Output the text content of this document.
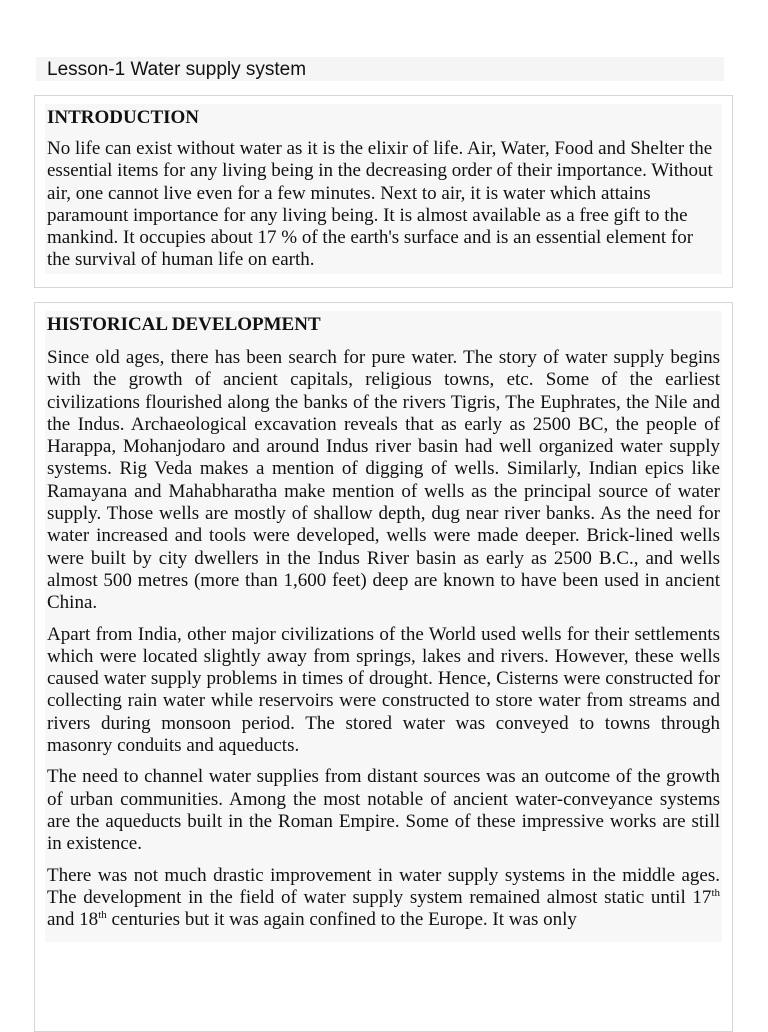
Lesson-1 Water supply system
INTRODUCTION

No life can exist without water as it is the elixir of life. Air, Water, Food and Shelter the essential items for any living being in the decreasing order of their importance. Without air, one cannot live even for a few minutes. Next to air, it is water which attains paramount importance for any living being. It is almost available as a free gift to the mankind. It occupies about 17 % of the earth's surface and is an essential element for the survival of human life on earth.

HISTORICAL DEVELOPMENT

Since old ages, there has been search for pure water. The story of water supply begins with the growth of ancient capitals, religious towns, etc. Some of the earliest civilizations flourished along the banks of the rivers Tigris, The Euphrates, the Nile and the Indus. Archaeological excavation reveals that as early as 2500 BC, the people of Harappa, Mohanjodaro and around Indus river basin had well organized water supply systems. Rig Veda makes a mention of digging of wells. Similarly, Indian epics like Ramayana and Mahabharatha make mention of wells as the principal source of water supply. Those wells are mostly of shallow depth, dug near river banks. As the need for water increased and tools were developed, wells were made deeper. Brick-lined wells were built by city dwellers in the Indus River basin as early as 2500 B.C., and wells almost 500 metres (more than 1,600 feet) deep are known to have been used in ancient China.

Apart from India, other major civilizations of the World used wells for their settlements which were located slightly away from springs, lakes and rivers. However, these wells caused water supply problems in times of drought. Hence, Cisterns were constructed for collecting rain water while reservoirs were constructed to store water from streams and rivers during monsoon period. The stored water was conveyed to towns through masonry conduits and aqueducts.

The need to channel water supplies from distant sources was an outcome of the growth of urban communities. Among the most notable of ancient water-conveyance systems are the aqueducts built in the Roman Empire. Some of these impressive works are still in existence.

There was not much drastic improvement in water supply systems in the middle ages. The development in the field of water supply system remained almost static until 17th and 18th centuries but it was again confined to the Europe. It was only
